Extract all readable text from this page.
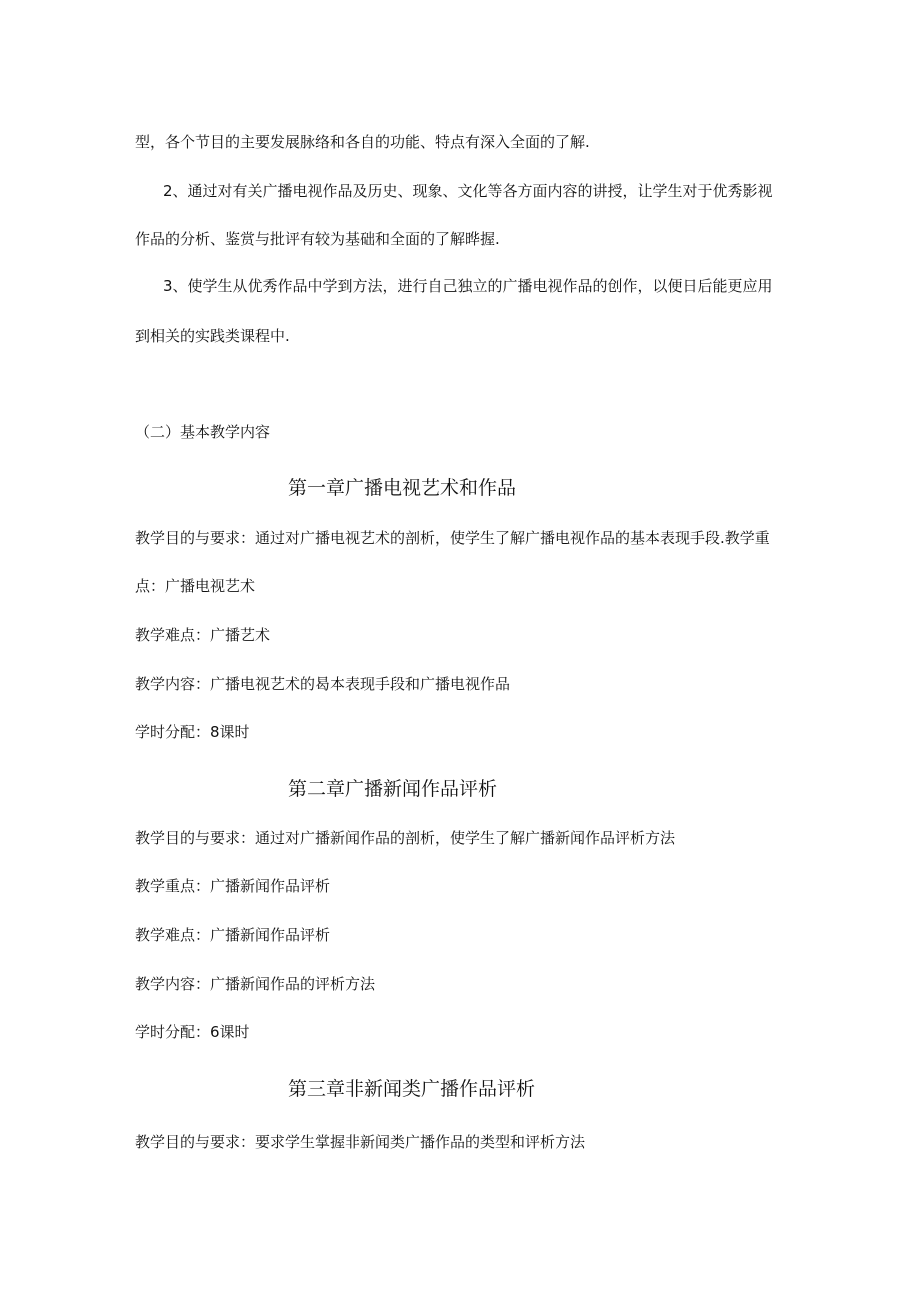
型，各个节目的主要发展脉络和各自的功能、特点有深入全面的了解.
2、通过对有关广播电视作品及历史、现象、文化等各方面内容的讲授，让学生对于优秀影视
作品的分析、鉴赏与批评有较为基础和全面的了解晔握.
3、使学生从优秀作品中学到方法，进行自己独立的广播电视作品的创作，以便日后能更应用
到相关的实践类课程中.
（二）基本教学内容
第一章广播电视艺术和作品
教学目的与要求：通过对广播电视艺术的剖析，使学生了解广播电视作品的基本表现手段.教学重
点：广播电视艺术
教学难点：广播艺术
教学内容：广播电视艺术的曷本表现手段和广播电视作品
学时分配：8课时
第二章广播新闻作品评析
教学目的与要求：通过对广播新闻作品的剖析，使学生了解广播新闻作品评析方法
教学重点：广播新闻作品评析
教学难点：广播新闻作品评析
教学内容：广播新闻作品的评析方法
学时分配：6课时
第三章非新闻类广播作品评析
教学目的与要求：要求学生掌握非新闻类广播作品的类型和评析方法
